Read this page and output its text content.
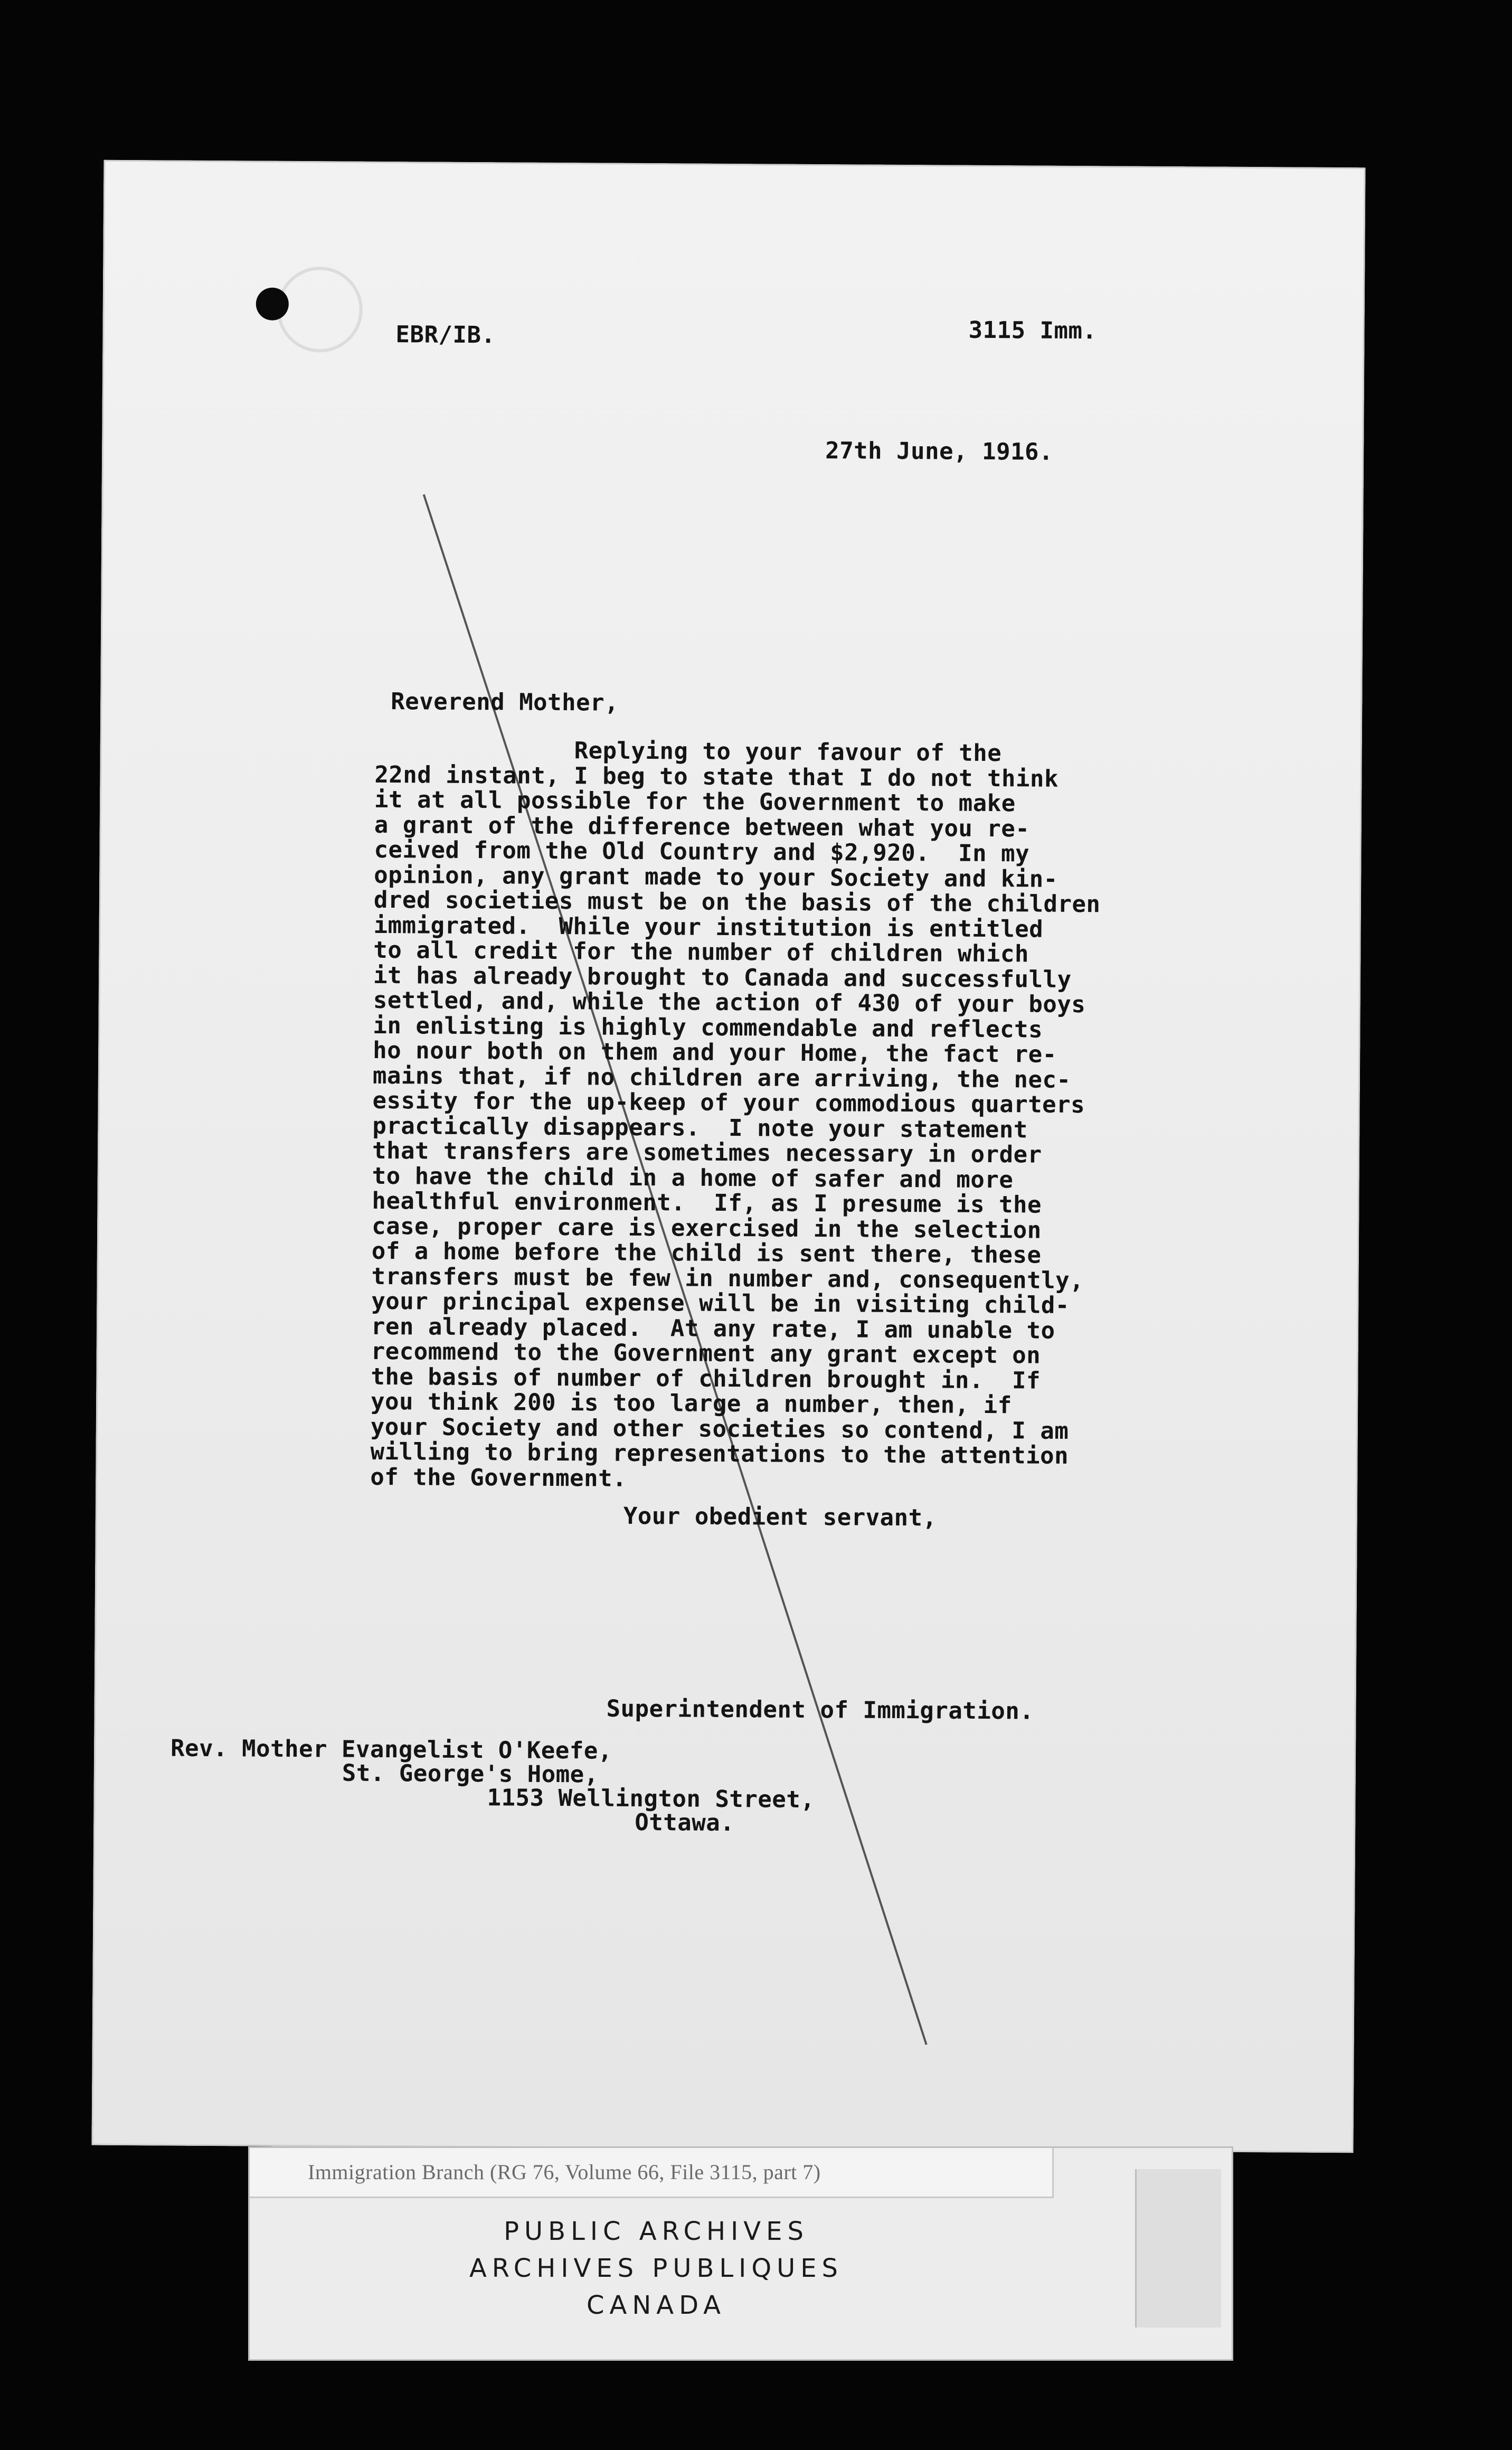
EBR/IB.	3115 Imm.
27th June, 1916.
Reverend Mother,
Replying to your favour of the
22nd instant, I beg to state that I do not think
it at all possible for the Government to make
a grant of the difference between what you re-
ceived from the Old Country and $2,920.  In my
opinion, any grant made to your Society and kin-
dred societies must be on the basis of the children
immigrated.  While your institution is entitled
to all credit for the number of children which
it has already brought to Canada and successfully
settled, and, while the action of 430 of your boys
in enlisting is highly commendable and reflects
ho nour both on them and your Home, the fact re-
mains that, if no children are arriving, the nec-
essity for the up-keep of your commodious quarters
practically disappears.  I note your statement
that transfers are sometimes necessary in order
to have the child in a home of safer and more
healthful environment.  If, as I presume is the
case, proper care is exercised in the selection
of a home before the child is sent there, these
transfers must be few in number and, consequently,
your principal expense will be in visiting child-
ren already placed.  At any rate, I am unable to
recommend to the Government any grant except on
the basis of number of children brought in.  If
you think 200 is too large a number, then, if
your Society and other societies so contend, I am
willing to bring representations to the attention
of the Government.
Your obedient servant,
Superintendent of Immigration.
Rev. Mother Evangelist O'Keefe,
St. George's Home,
1153 Wellington Street,
Ottawa.
Immigration Branch (RG 76, Volume 66, File 3115, part 7)
PUBLIC ARCHIVES
ARCHIVES PUBLIQUES
CANADA
